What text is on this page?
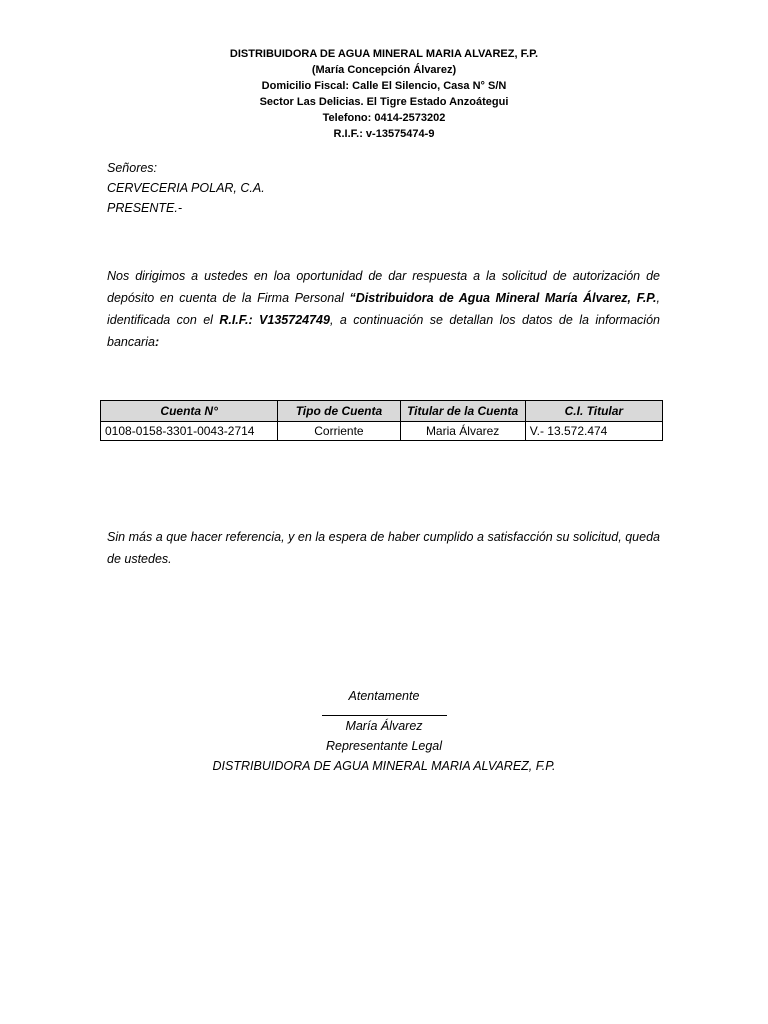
DISTRIBUIDORA DE AGUA MINERAL MARIA ALVAREZ, F.P.
(María Concepción Álvarez)
Domicilio Fiscal: Calle El Silencio, Casa N° S/N
Sector Las Delicias. El Tigre Estado Anzoátegui
Telefono: 0414-2573202
R.I.F.: v-13575474-9
Señores:
CERVECERIA POLAR, C.A.
PRESENTE.-
Nos dirigimos a ustedes en loa oportunidad de dar respuesta a la solicitud de autorización de depósito en cuenta de la Firma Personal “Distribuidora de Agua Mineral María Álvarez, F.P., identificada con el R.I.F.: V135724749, a continuación se detallan los datos de la información bancaria:
Cuenta N°	Tipo de Cuenta	Titular de la Cuenta	C.I. Titular
0108-0158-3301-0043-2714	Corriente	Maria Álvarez	V.- 13.572.474
Sin más a que hacer referencia, y en la espera de haber cumplido a satisfacción su solicitud, queda de ustedes.
Atentamente
María Álvarez
Representante Legal
DISTRIBUIDORA DE AGUA MINERAL MARIA ALVAREZ, F.P.
